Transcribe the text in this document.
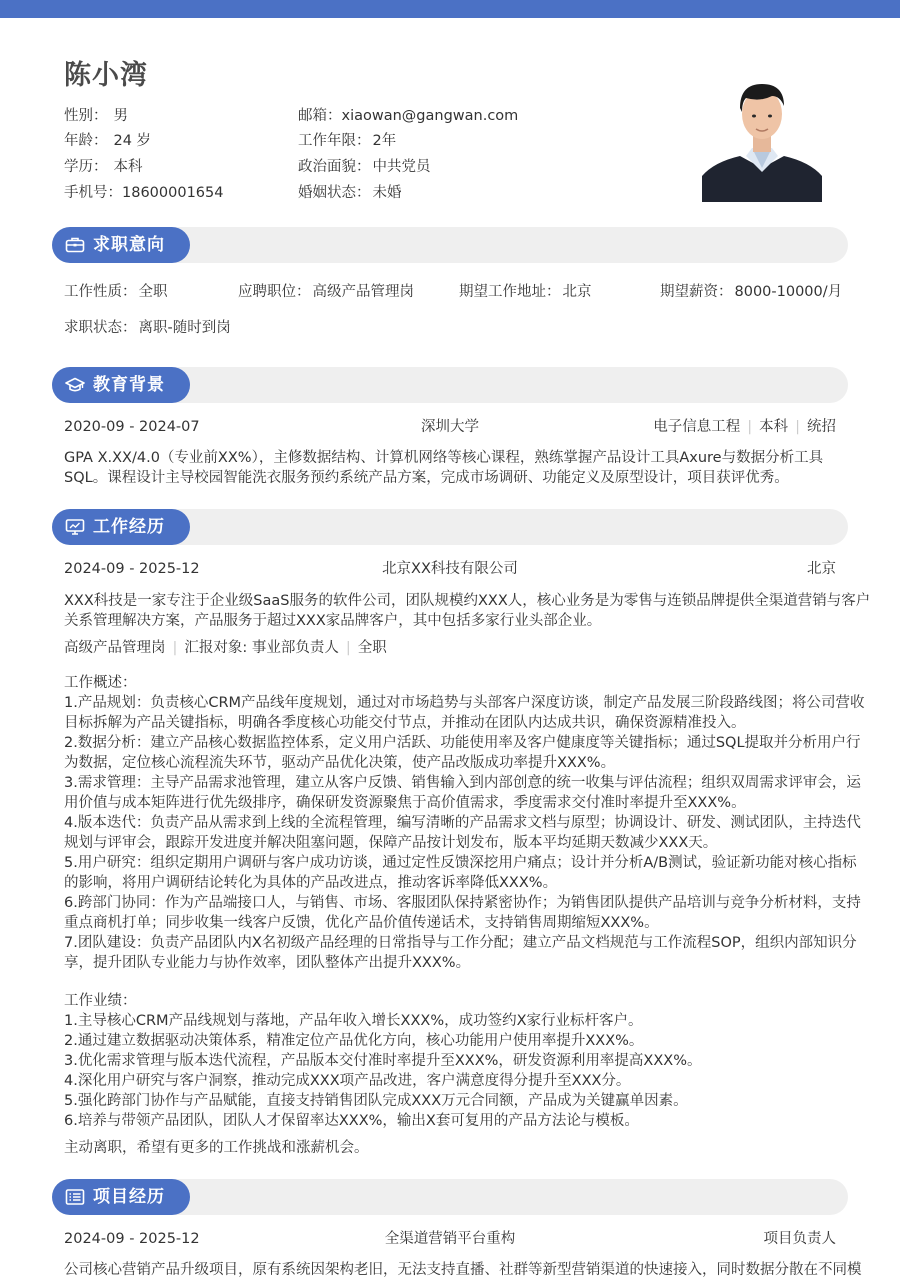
陈小湾
性别： 男
年龄： 24 岁
学历： 本科
手机号：18600001654
邮箱：xiaowan@gangwan.com
工作年限： 2年
政治面貌： 中共党员
婚姻状态： 未婚
求职意向
工作性质： 全职	应聘职位： 高级产品管理岗	期望工作地址： 北京	期望薪资： 8000-10000/月
求职状态： 离职-随时到岗
教育背景
2020-09 - 2024-07	深圳大学	电子信息工程 | 本科 | 统招
GPA X.XX/4.0（专业前XX%），主修数据结构、计算机网络等核心课程，熟练掌握产品设计工具Axure与数据分析工具
SQL。课程设计主导校园智能洗衣服务预约系统产品方案，完成市场调研、功能定义及原型设计，项目获评优秀。
工作经历
2024-09 - 2025-12	北京XX科技有限公司	北京
XXX科技是一家专注于企业级SaaS服务的软件公司，团队规模约XXX人，核心业务是为零售与连锁品牌提供全渠道营销与客户
关系管理解决方案，产品服务于超过XXX家品牌客户，其中包括多家行业头部企业。
高级产品管理岗 | 汇报对象: 事业部负责人 | 全职
工作概述：
1.产品规划：负责核心CRM产品线年度规划，通过对市场趋势与头部客户深度访谈，制定产品发展三阶段路线图；将公司营收
目标拆解为产品关键指标，明确各季度核心功能交付节点，并推动在团队内达成共识，确保资源精准投入。
2.数据分析：建立产品核心数据监控体系，定义用户活跃、功能使用率及客户健康度等关键指标；通过SQL提取并分析用户行
为数据，定位核心流程流失环节，驱动产品优化决策，使产品改版成功率提升XXX%。
3.需求管理：主导产品需求池管理，建立从客户反馈、销售输入到内部创意的统一收集与评估流程；组织双周需求评审会，运
用价值与成本矩阵进行优先级排序，确保研发资源聚焦于高价值需求，季度需求交付准时率提升至XXX%。
4.版本迭代：负责产品从需求到上线的全流程管理，编写清晰的产品需求文档与原型；协调设计、研发、测试团队，主持迭代
规划与评审会，跟踪开发进度并解决阻塞问题，保障产品按计划发布，版本平均延期天数减少XXX天。
5.用户研究：组织定期用户调研与客户成功访谈，通过定性反馈深挖用户痛点；设计并分析A/B测试，验证新功能对核心指标
的影响，将用户调研结论转化为具体的产品改进点，推动客诉率降低XXX%。
6.跨部门协同：作为产品端接口人，与销售、市场、客服团队保持紧密协作；为销售团队提供产品培训与竞争分析材料，支持
重点商机打单；同步收集一线客户反馈，优化产品价值传递话术，支持销售周期缩短XXX%。
7.团队建设：负责产品团队内X名初级产品经理的日常指导与工作分配；建立产品文档规范与工作流程SOP，组织内部知识分
享，提升团队专业能力与协作效率，团队整体产出提升XXX%。
工作业绩：
1.主导核心CRM产品线规划与落地，产品年收入增长XXX%，成功签约X家行业标杆客户。
2.通过建立数据驱动决策体系，精准定位产品优化方向，核心功能用户使用率提升XXX%。
3.优化需求管理与版本迭代流程，产品版本交付准时率提升至XXX%，研发资源利用率提高XXX%。
4.深化用户研究与客户洞察，推动完成XXX项产品改进，客户满意度得分提升至XXX分。
5.强化跨部门协作与产品赋能，直接支持销售团队完成XXX万元合同额，产品成为关键赢单因素。
6.培养与带领产品团队，团队人才保留率达XXX%，输出X套可复用的产品方法论与模板。
主动离职，希望有更多的工作挑战和涨薪机会。
项目经历
2024-09 - 2025-12	全渠道营销平台重构	项目负责人
公司核心营销产品升级项目，原有系统因架构老旧，无法支持直播、社群等新型营销渠道的快速接入，同时数据分散在不同模
